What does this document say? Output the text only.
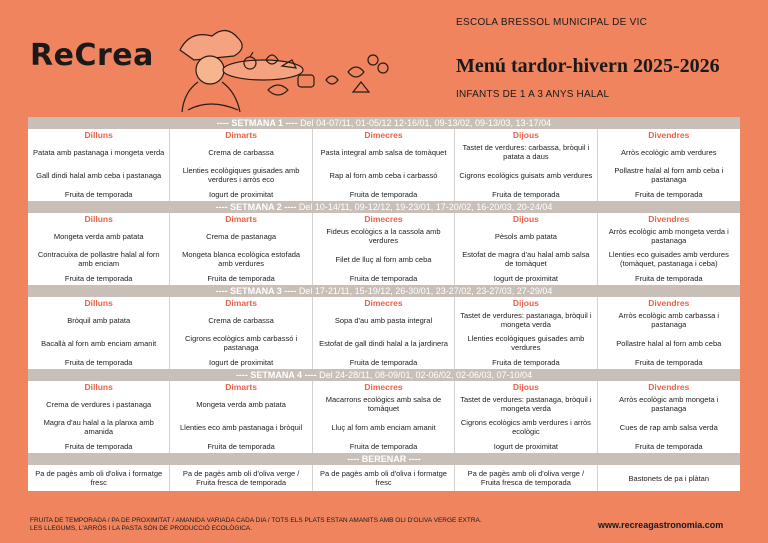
ReCrea
ESCOLA BRESSOL MUNICIPAL DE VIC
Menú tardor-hivern 2025-2026
INFANTS DE 1 A 3 ANYS HALAL
---- SETMANA 1 ---- Del 04-07/11, 01-05/12 12-16/01, 09-13/02, 09-13/03, 13-17/04
Dilluns
Patata amb pastanaga i mongeta verda
Gall dindi halal amb ceba i pastanaga
Fruita de temporada
Dimarts
Crema de carbassa
Llenties ecològiques guisades amb verdures i arròs eco
Iogurt de proximitat
Dimecres
Pasta integral amb salsa de tomàquet
Rap al forn amb ceba i carbassó
Fruita de temporada
Dijous
Tastet de verdures: carbassa, bròquil i patata a daus
Cigrons ecològics guisats amb verdures
Fruita de temporada
Divendres
Arròs ecològic amb verdures
Pollastre halal al forn amb ceba i pastanaga
Fruita de temporada
---- SETMANA 2 ---- Del 10-14/11, 09-12/12, 19-23/01, 17-20/02, 16-20/03, 20-24/04
Dilluns
Mongeta verda amb patata
Contracuixa de pollastre halal al forn amb enciam
Fruita de temporada
Dimarts
Crema de pastanaga
Mongeta blanca ecològica estofada amb verdures
Fruita de temporada
Dimecres
Fideus ecològics a la cassola amb verdures
Filet de lluç al forn amb ceba
Fruita de temporada
Dijous
Pèsols amb patata
Estofat de magra d'au halal amb salsa de tomàquet
Iogurt de proximitat
Divendres
Arròs ecològic amb mongeta verda i pastanaga
Llenties eco guisades amb verdures (tomàquet, pastanaga i ceba)
Fruita de temporada
---- SETMANA 3 ---- Del 17-21/11, 15-19/12, 26-30/01, 23-27/02, 23-27/03, 27-29/04
Dilluns
Bròquil amb patata
Bacallà al forn amb enciam amanit
Fruita de temporada
Dimarts
Crema de carbassa
Cigrons ecològics amb carbassó i pastanaga
Iogurt de proximitat
Dimecres
Sopa d'au amb pasta integral
Estofat de gall dindi halal a la jardinera
Fruita de temporada
Dijous
Tastet de verdures: pastanaga, bròquil i mongeta verda
Llenties ecològiques guisades amb verdures
Fruita de temporada
Divendres
Arròs ecològic amb carbassa i pastanaga
Pollastre halal al forn amb ceba
Fruita de temporada
---- SETMANA 4 ---- Del 24-28/11, 08-09/01, 02-06/02, 02-06/03, 07-10/04
Dilluns
Crema de verdures i pastanaga
Magra d'au halal a la planxa amb amanida
Fruita de temporada
Dimarts
Mongeta verda amb patata
Llenties eco amb pastanaga i bròquil
Fruita de temporada
Dimecres
Macarrons ecològics amb salsa de tomàquet
Lluç al forn amb enciam amanit
Fruita de temporada
Dijous
Tastet de verdures: pastanaga, bròquil i mongeta verda
Cigrons ecològics amb verdures i arròs ecològic
Iogurt de proximitat
Divendres
Arròs ecològic amb mongeta i pastanaga
Cues de rap amb salsa verda
Fruita de temporada
---- BERENAR ----
Pa de pagès amb oli d'oliva i formatge fresc
Pa de pagès amb oli d'oliva verge / Fruita fresca de temporada
Pa de pagès amb oli d'oliva i formatge fresc
Pa de pagès amb oli d'oliva verge / Fruita fresca de temporada	Bastonets de pa i plàtan
FRUITA DE TEMPORADA / PA DE PROXIMITAT / AMANIDA VARIADA CADA DIA / TOTS ELS PLATS ESTAN AMANITS AMB OLI D'OLIVA VERGE EXTRA.
LES LLEGUMS, L'ARRÒS I LA PASTA SÓN DE PRODUCCIÓ ECOLÒGICA.	www.recreagastronomia.com
